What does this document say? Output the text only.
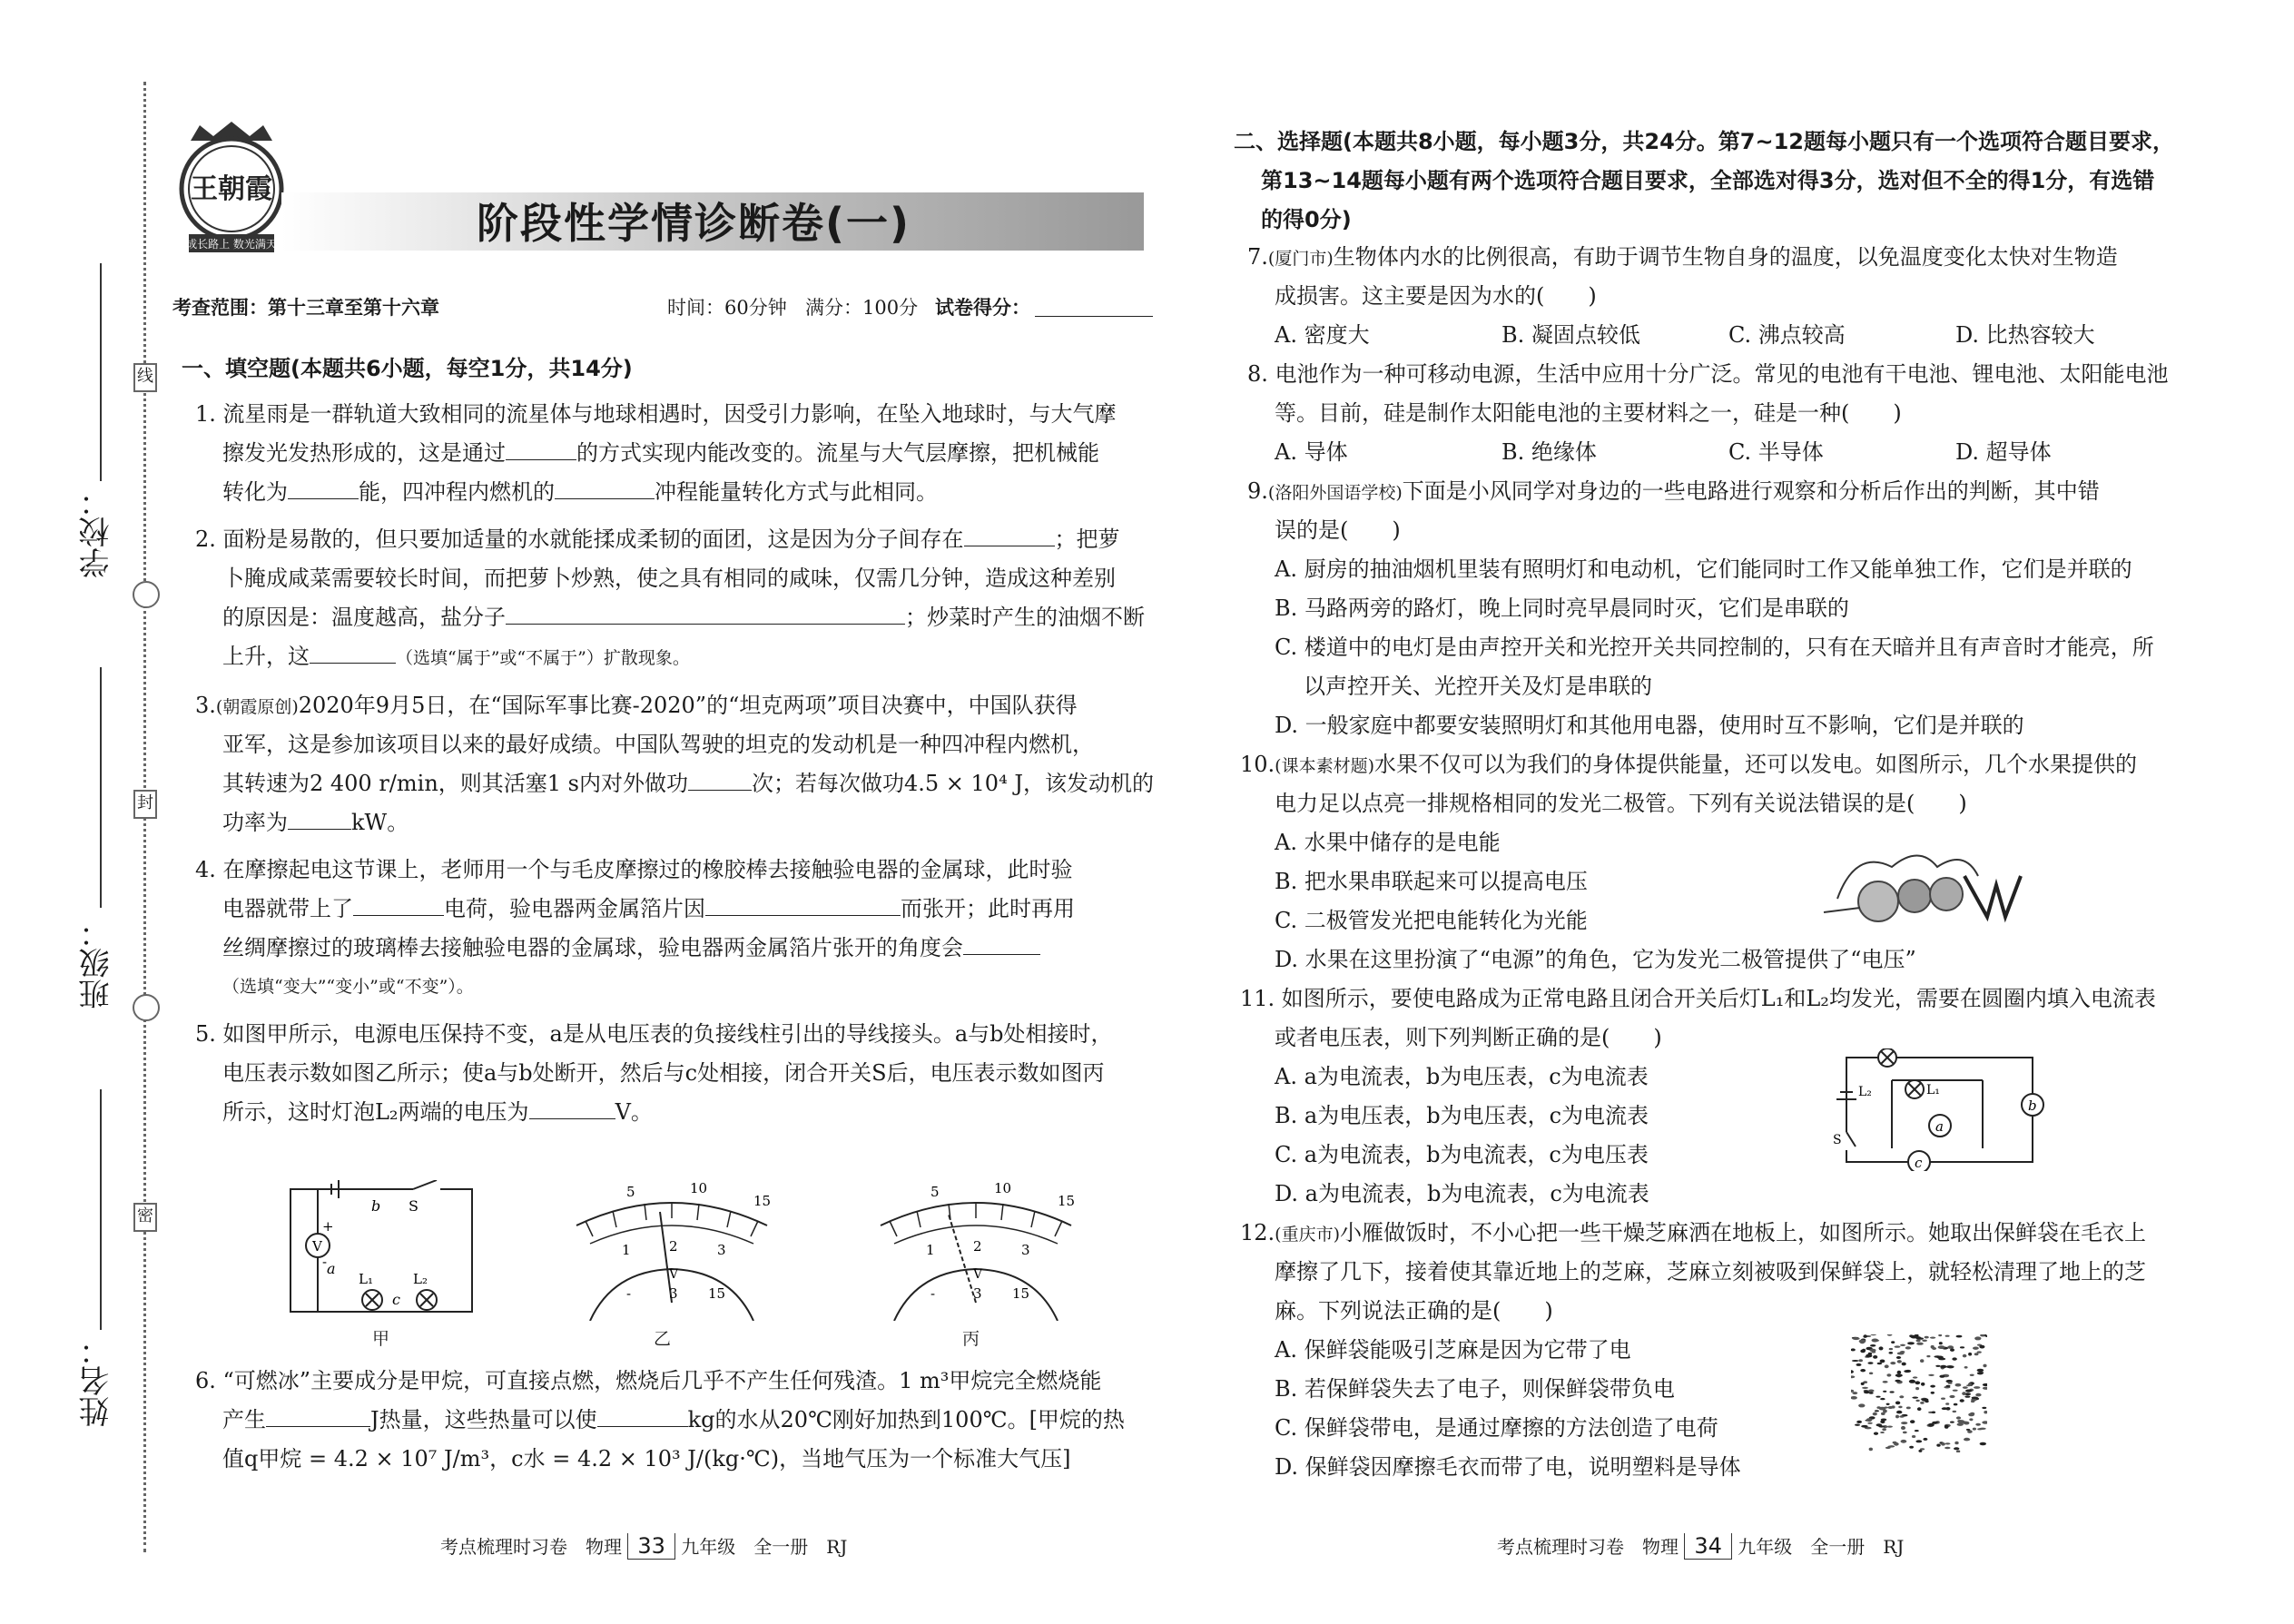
线
封
密
学校：
班级：
姓名：
王朝霞
成长路上 数光满天	阶段性学情诊断卷(一)
考查范围：第十三章至第十六章	时间：60分钟 满分：100分 试卷得分：
一、填空题(本题共6小题，每空1分，共14分)
1. 流星雨是一群轨道大致相同的流星体与地球相遇时，因受引力影响，在坠入地球时，与大气摩
擦发光发热形成的，这是通过	的方式实现内能改变的。流星与大气层摩擦，把机械能
转化为	能，四冲程内燃机的	冲程能量转化方式与此相同。
2. 面粉是易散的，但只要加适量的水就能揉成柔韧的面团，这是因为分子间存在	；把萝
卜腌成咸菜需要较长时间，而把萝卜炒熟，使之具有相同的咸味，仅需几分钟，造成这种差别
的原因是：温度越高，盐分子	；炒菜时产生的油烟不断
上升，这	（选填“属于”或“不属于”）扩散现象。
3.(朝霞原创)2020年9月5日，在“国际军事比赛-2020”的“坦克两项”项目决赛中，中国队获得
亚军，这是参加该项目以来的最好成绩。中国队驾驶的坦克的发动机是一种四冲程内燃机，
其转速为2 400 r/min，则其活塞1 s内对外做功	次；若每次做功4.5 × 10⁴ J，该发动机的
功率为	kW。
4. 在摩擦起电这节课上，老师用一个与毛皮摩擦过的橡胶棒去接触验电器的金属球，此时验
电器就带上了	电荷，验电器两金属箔片因	而张开；此时再用
丝绸摩擦过的玻璃棒去接触验电器的金属球，验电器两金属箔片张开的角度会
（选填“变大”“变小”或“不变”）。
5. 如图甲所示，电源电压保持不变，a是从电压表的负接线柱引出的导线接头。a与b处相接时，
电压表示数如图乙所示；使a与b处断开，然后与c处相接，闭合开关S后，电压表示数如图丙
所示，这时灯泡L₂两端的电压为	V。
b S
V
a
L₁
c
L₂
+
-
甲
5	10
15
1	2	3
V
-	3 15
乙
5	10
15
1	2	3
V
-	3 15
丙
6. “可燃冰”主要成分是甲烷，可直接点燃，燃烧后几乎不产生任何残渣。1 m³甲烷完全燃烧能
产生	J热量，这些热量可以使	kg的水从20℃刚好加热到100℃。[甲烷的热
值q甲烷 = 4.2 × 10⁷ J/m³，c水 = 4.2 × 10³ J/(kg·℃)，当地气压为一个标准大气压]
考点梳理时习卷　物理 33 九年级　全一册　RJ
二、选择题(本题共8小题，每小题3分，共24分。第7~12题每小题只有一个选项符合题目要求，
第13~14题每小题有两个选项符合题目要求，全部选对得3分，选对但不全的得1分，有选错
的得0分)
7.(厦门市)生物体内水的比例很高，有助于调节生物自身的温度，以免温度变化太快对生物造
成损害。这主要是因为水的(　　)
A. 密度大	B. 凝固点较低	C. 沸点较高	D. 比热容较大
8. 电池作为一种可移动电源，生活中应用十分广泛。常见的电池有干电池、锂电池、太阳能电池
等。目前，硅是制作太阳能电池的主要材料之一，硅是一种(　　)
A. 导体	B. 绝缘体	C. 半导体	D. 超导体
9.(洛阳外国语学校)下面是小风同学对身边的一些电路进行观察和分析后作出的判断，其中错
误的是(　　)
A. 厨房的抽油烟机里装有照明灯和电动机，它们能同时工作又能单独工作，它们是并联的
B. 马路两旁的路灯，晚上同时亮早晨同时灭，它们是串联的
C. 楼道中的电灯是由声控开关和光控开关共同控制的，只有在天暗并且有声音时才能亮，所
以声控开关、光控开关及灯是串联的
D. 一般家庭中都要安装照明灯和其他用电器，使用时互不影响，它们是并联的
10.(课本素材题)水果不仅可以为我们的身体提供能量，还可以发电。如图所示，几个水果提供的
电力足以点亮一排规格相同的发光二极管。下列有关说法错误的是(　　)
A. 水果中储存的是电能
B. 把水果串联起来可以提高电压
C. 二极管发光把电能转化为光能
D. 水果在这里扮演了“电源”的角色，它为发光二极管提供了“电压”
11. 如图所示，要使电路成为正常电路且闭合开关后灯L₁和L₂均发光，需要在圆圈内填入电流表
或者电压表，则下列判断正确的是(　　)
A. a为电流表，b为电压表，c为电流表
B. a为电压表，b为电压表，c为电流表
C. a为电流表，b为电流表，c为电压表
D. a为电流表，b为电流表，c为电流表
L₂	L₁
b
a
S
c
12.(重庆市)小雁做饭时，不小心把一些干燥芝麻洒在地板上，如图所示。她取出保鲜袋在毛衣上
摩擦了几下，接着使其靠近地上的芝麻，芝麻立刻被吸到保鲜袋上，就轻松清理了地上的芝
麻。下列说法正确的是(　　)
A. 保鲜袋能吸引芝麻是因为它带了电
B. 若保鲜袋失去了电子，则保鲜袋带负电
C. 保鲜袋带电，是通过摩擦的方法创造了电荷
D. 保鲜袋因摩擦毛衣而带了电，说明塑料是导体
考点梳理时习卷　物理 34 九年级　全一册　RJ
